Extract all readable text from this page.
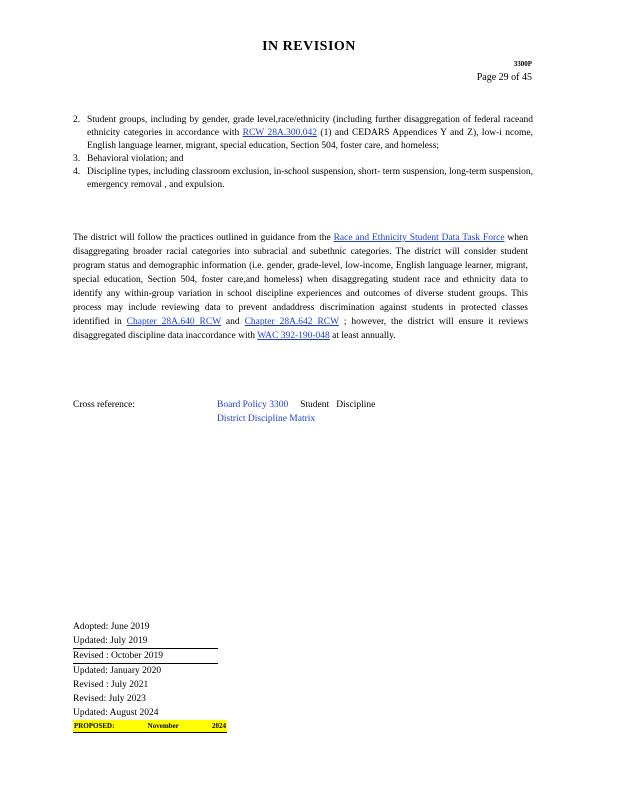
IN REVISION
3300P
Page 29 of 45
2. Student groups, including by gender, grade level,race/ethnicity (including further disaggregation of federal raceand ethnicity categories in accordance with RCW 28A.300.042 (1) and CEDARS Appendices Y and Z), low-i ncome, English language learner, migrant, special education, Section 504, foster care, and homeless;
3. Behavioral violation; and
4. Discipline types, including classroom exclusion, in-school suspension, short- term suspension, long-term suspension, emergency removal , and expulsion.
The district will follow the practices outlined in guidance from the Race and Ethnicity Student Data Task Force when disaggregating broader racial categories into subracial and subethnic categories. The district will consider student program status and demographic information (i.e. gender, grade-level, low-income, English language learner, migrant, special education, Section 504, foster care,and homeless) when disaggregating student race and ethnicity data to identify any within-group variation in school discipline experiences and outcomes of diverse student groups. This process may include reviewing data to prevent andaddress discrimination against students in protected classes identified in Chapter 28A.640 RCW and Chapter 28A.642 RCW ; however, the district will ensure it reviews disaggregated discipline data inaccordance with WAC 392-190-048 at least annually.
Cross reference:	Board Policy 3300     Student   Discipline
District Discipline Matrix
Adopted: June 2019
Updated: July 2019
Revised : October 2019
Updated: January 2020
Revised : July 2021
Revised: July 2023
Updated: August 2024
PROPOSED:	November	2024
